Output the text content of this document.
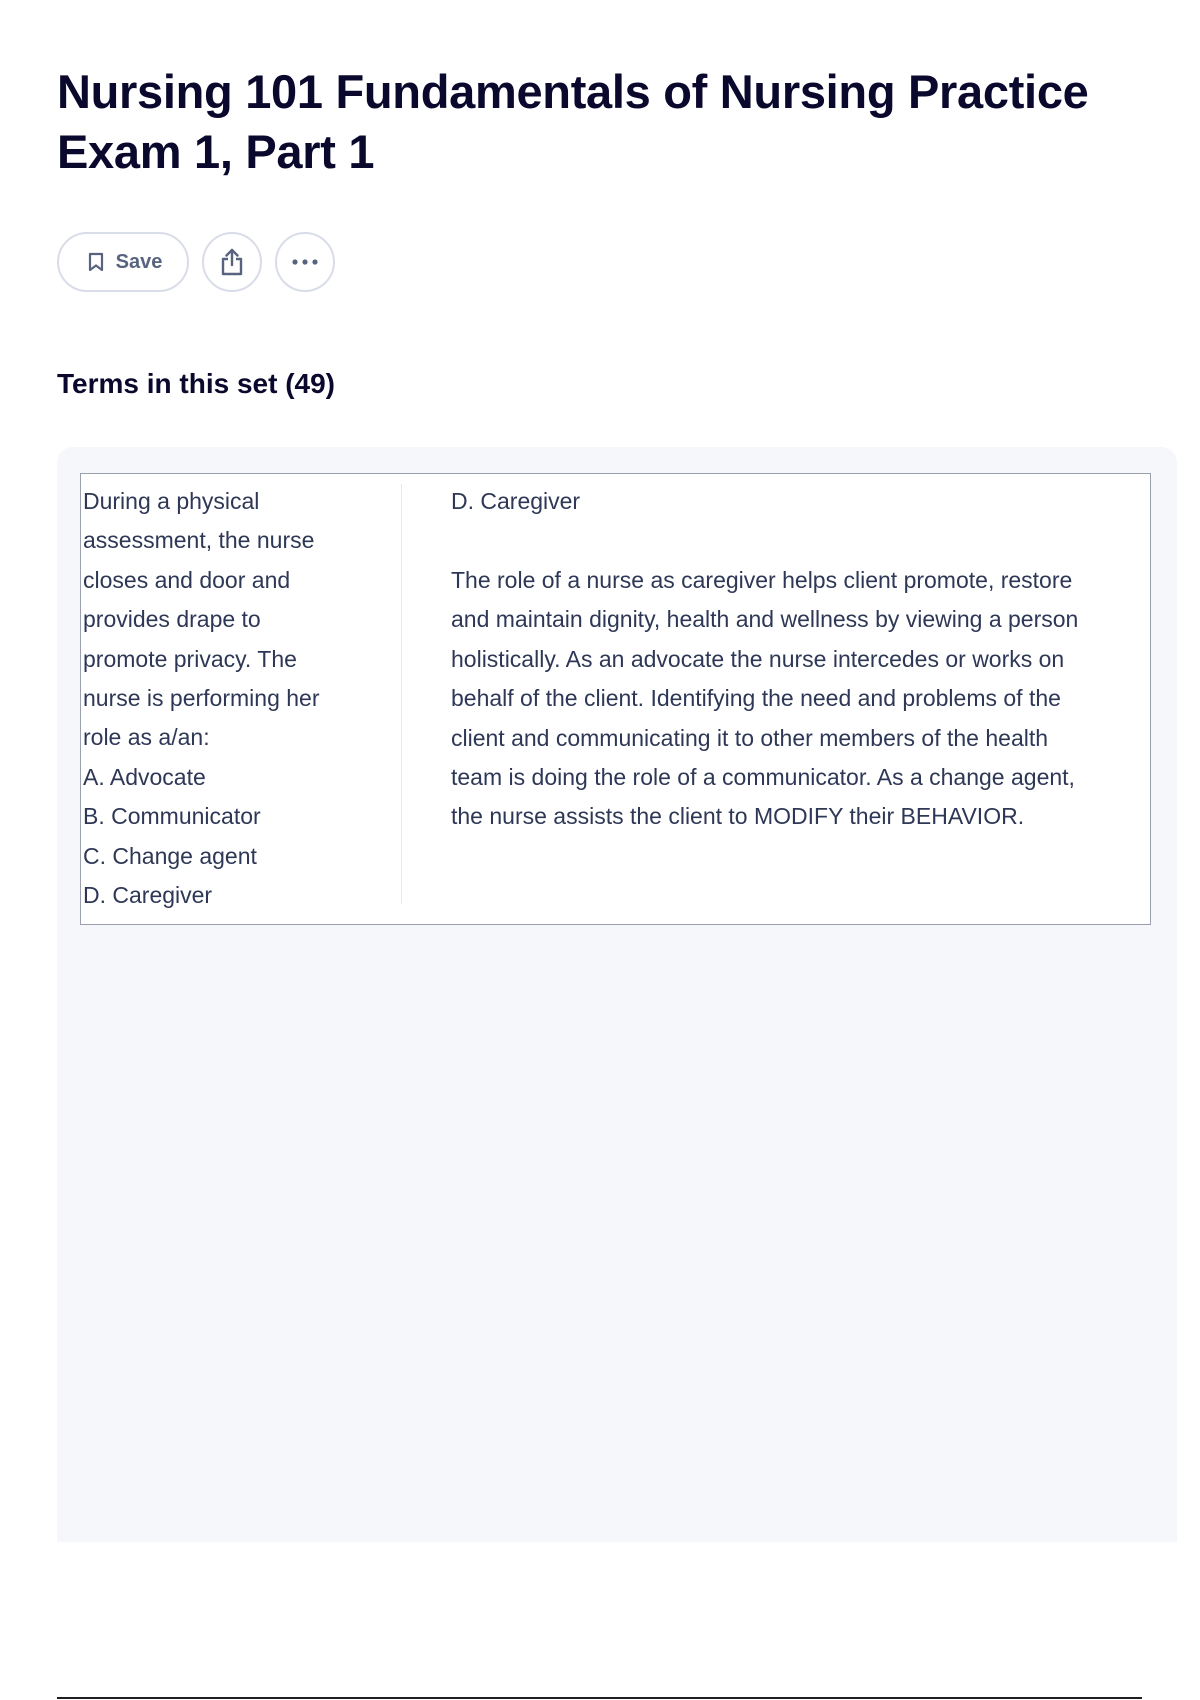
Nursing 101 Fundamentals of Nursing Practice Exam 1, Part 1
Save
Terms in this set (49)
During a physical
assessment, the nurse
closes and door and
provides drape to
promote privacy. The
nurse is performing her
role as a/an:
A. Advocate
B. Communicator
C. Change agent
D. Caregiver
D. Caregiver
The role of a nurse as caregiver helps client promote, restore and maintain dignity, health and wellness by viewing a person holistically. As an advocate the nurse intercedes or works on behalf of the client. Identifying the need and problems of the client and communicating it to other members of the health team is doing the role of a communicator. As a change agent, the nurse assists the client to MODIFY their BEHAVIOR.
